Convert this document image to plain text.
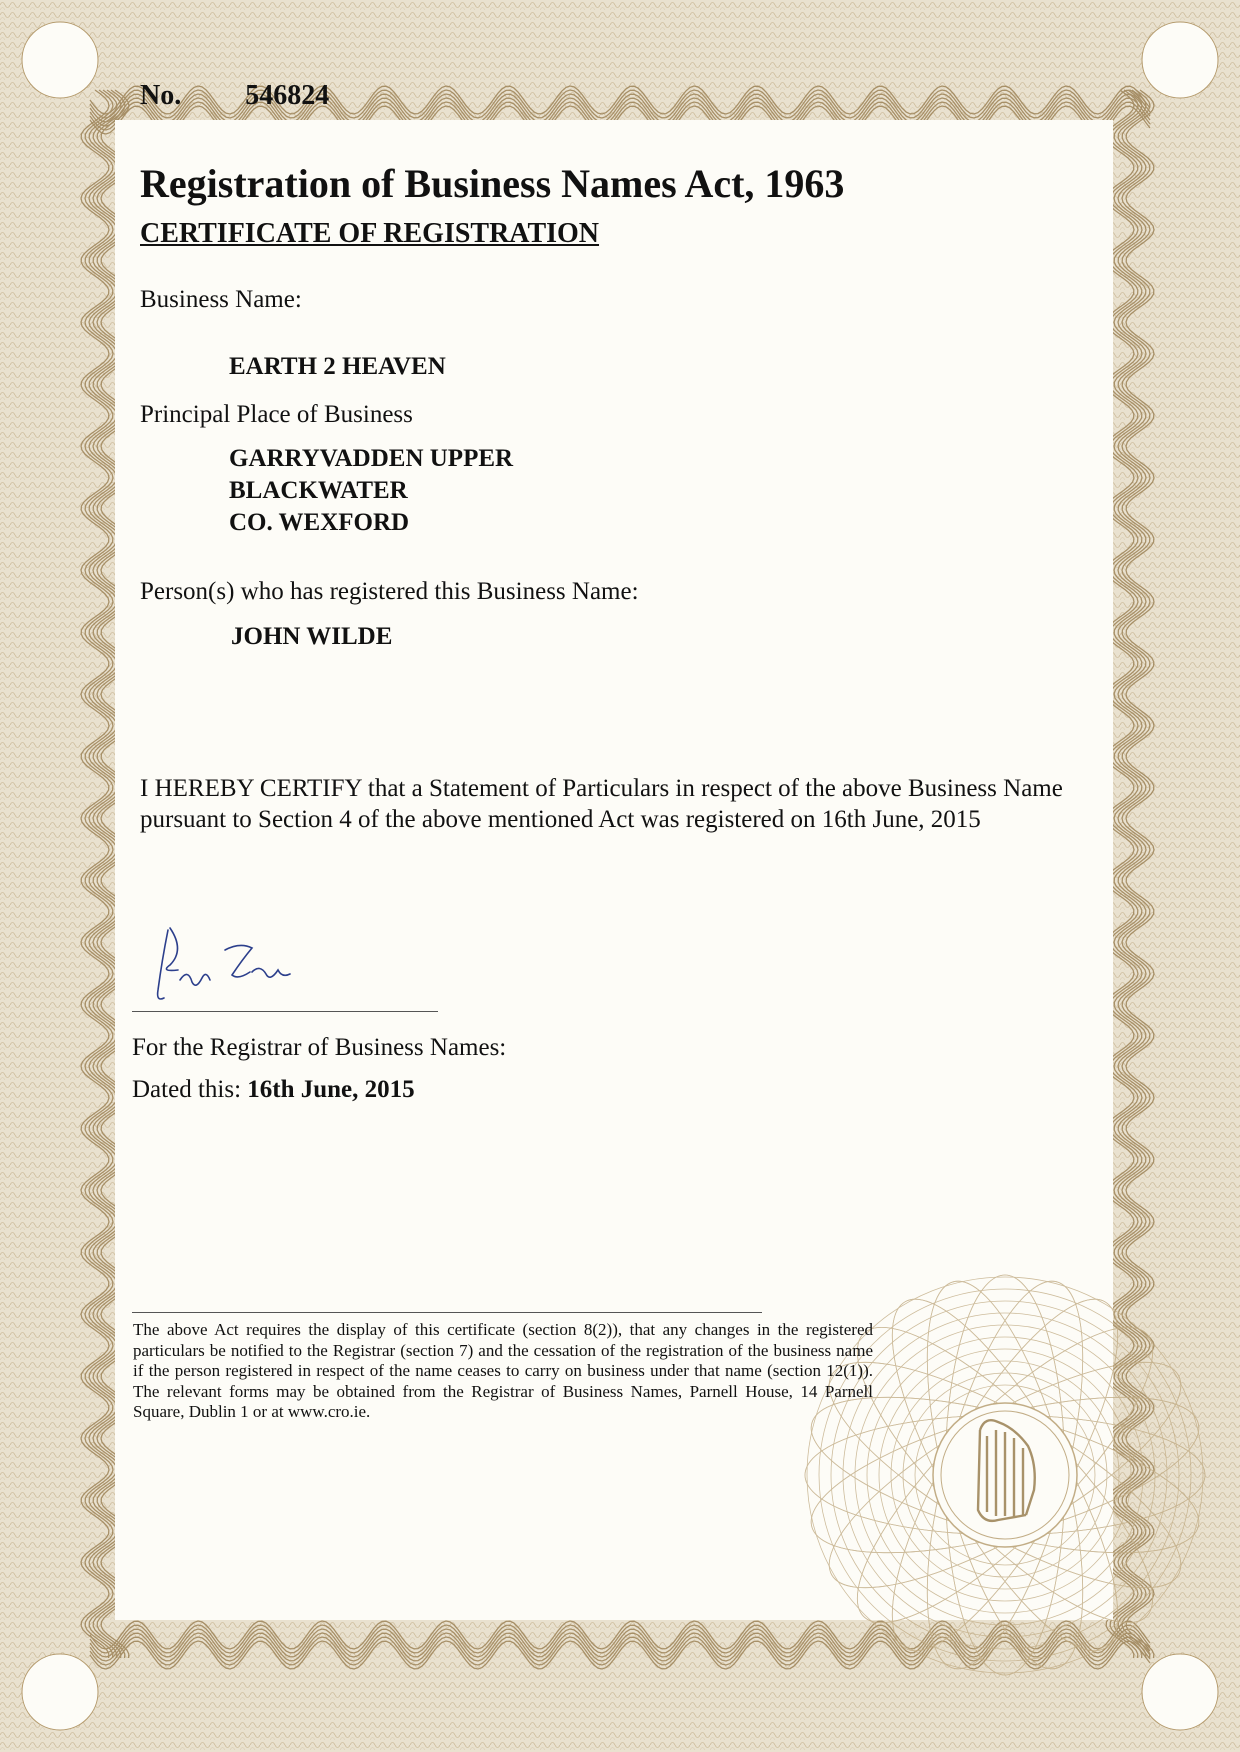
No. 546824
Registration of Business Names Act, 1963
CERTIFICATE OF REGISTRATION
Business Name:
EARTH 2 HEAVEN
Principal Place of Business
GARRYVADDEN UPPER
BLACKWATER
CO. WEXFORD
Person(s) who has registered this Business Name:
JOHN WILDE
I HEREBY CERTIFY that a Statement of Particulars in respect of the above Business Name pursuant to Section 4 of the above mentioned Act was registered on 16th June, 2015
For the Registrar of Business Names:
Dated this: 16th June, 2015
The above Act requires the display of this certificate (section 8(2)), that any changes in the registered particulars be notified to the Registrar (section 7) and the cessation of the registration of the business name if the person registered in respect of the name ceases to carry on business under that name (section 12(1)). The relevant forms may be obtained from the Registrar of Business Names, Parnell House, 14 Parnell Square, Dublin 1 or at www.cro.ie.
